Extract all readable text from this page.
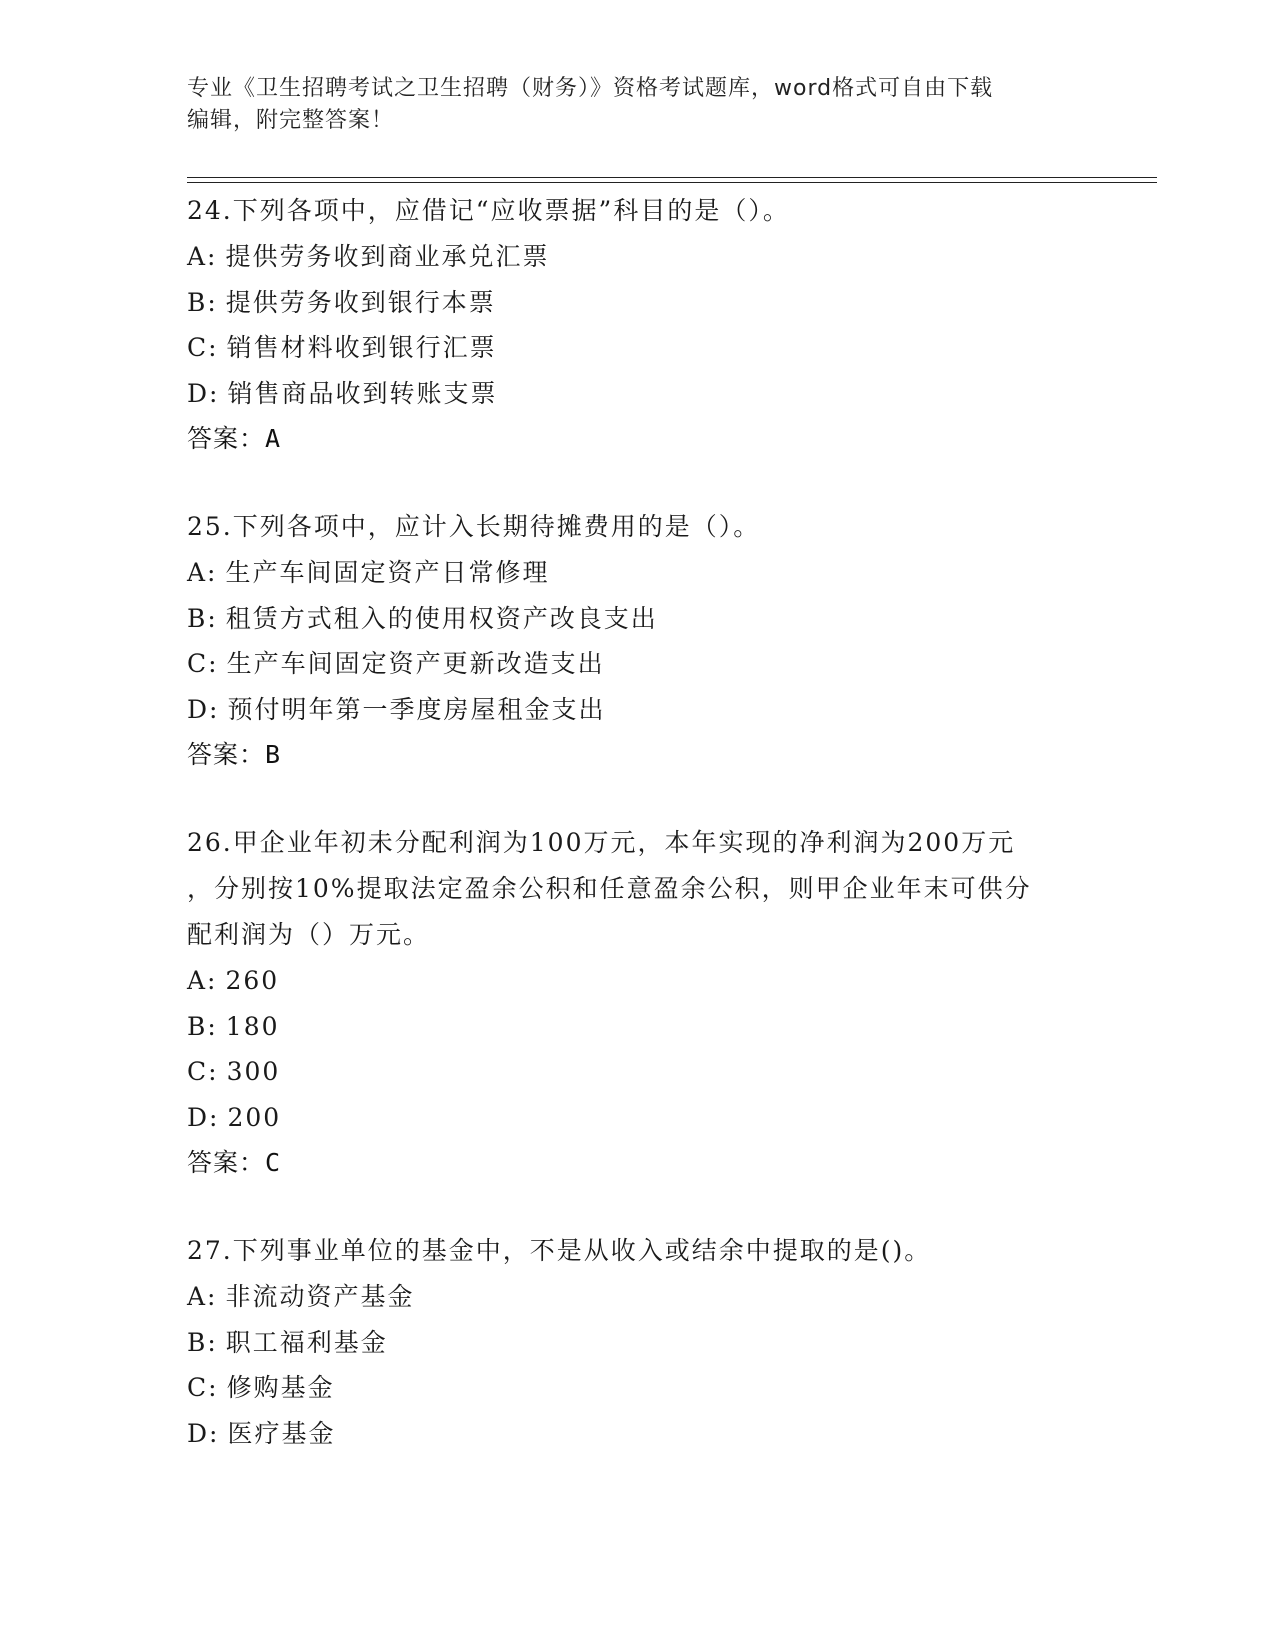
专业《卫生招聘考试之卫生招聘（财务）》资格考试题库，word格式可自由下载
编辑，附完整答案！
24.下列各项中，应借记“应收票据”科目的是（）。
A: 提供劳务收到商业承兑汇票
B: 提供劳务收到银行本票
C: 销售材料收到银行汇票
D: 销售商品收到转账支票
答案：A
25.下列各项中，应计入长期待摊费用的是（）。
A: 生产车间固定资产日常修理
B: 租赁方式租入的使用权资产改良支出
C: 生产车间固定资产更新改造支出
D: 预付明年第一季度房屋租金支出
答案：B
26.甲企业年初未分配利润为100万元，本年实现的净利润为200万元
，分别按10%提取法定盈余公积和任意盈余公积，则甲企业年末可供分
配利润为（）万元。
A: 260
B: 180
C: 300
D: 200
答案：C
27.下列事业单位的基金中，不是从收入或结余中提取的是()。
A: 非流动资产基金
B: 职工福利基金
C: 修购基金
D: 医疗基金
